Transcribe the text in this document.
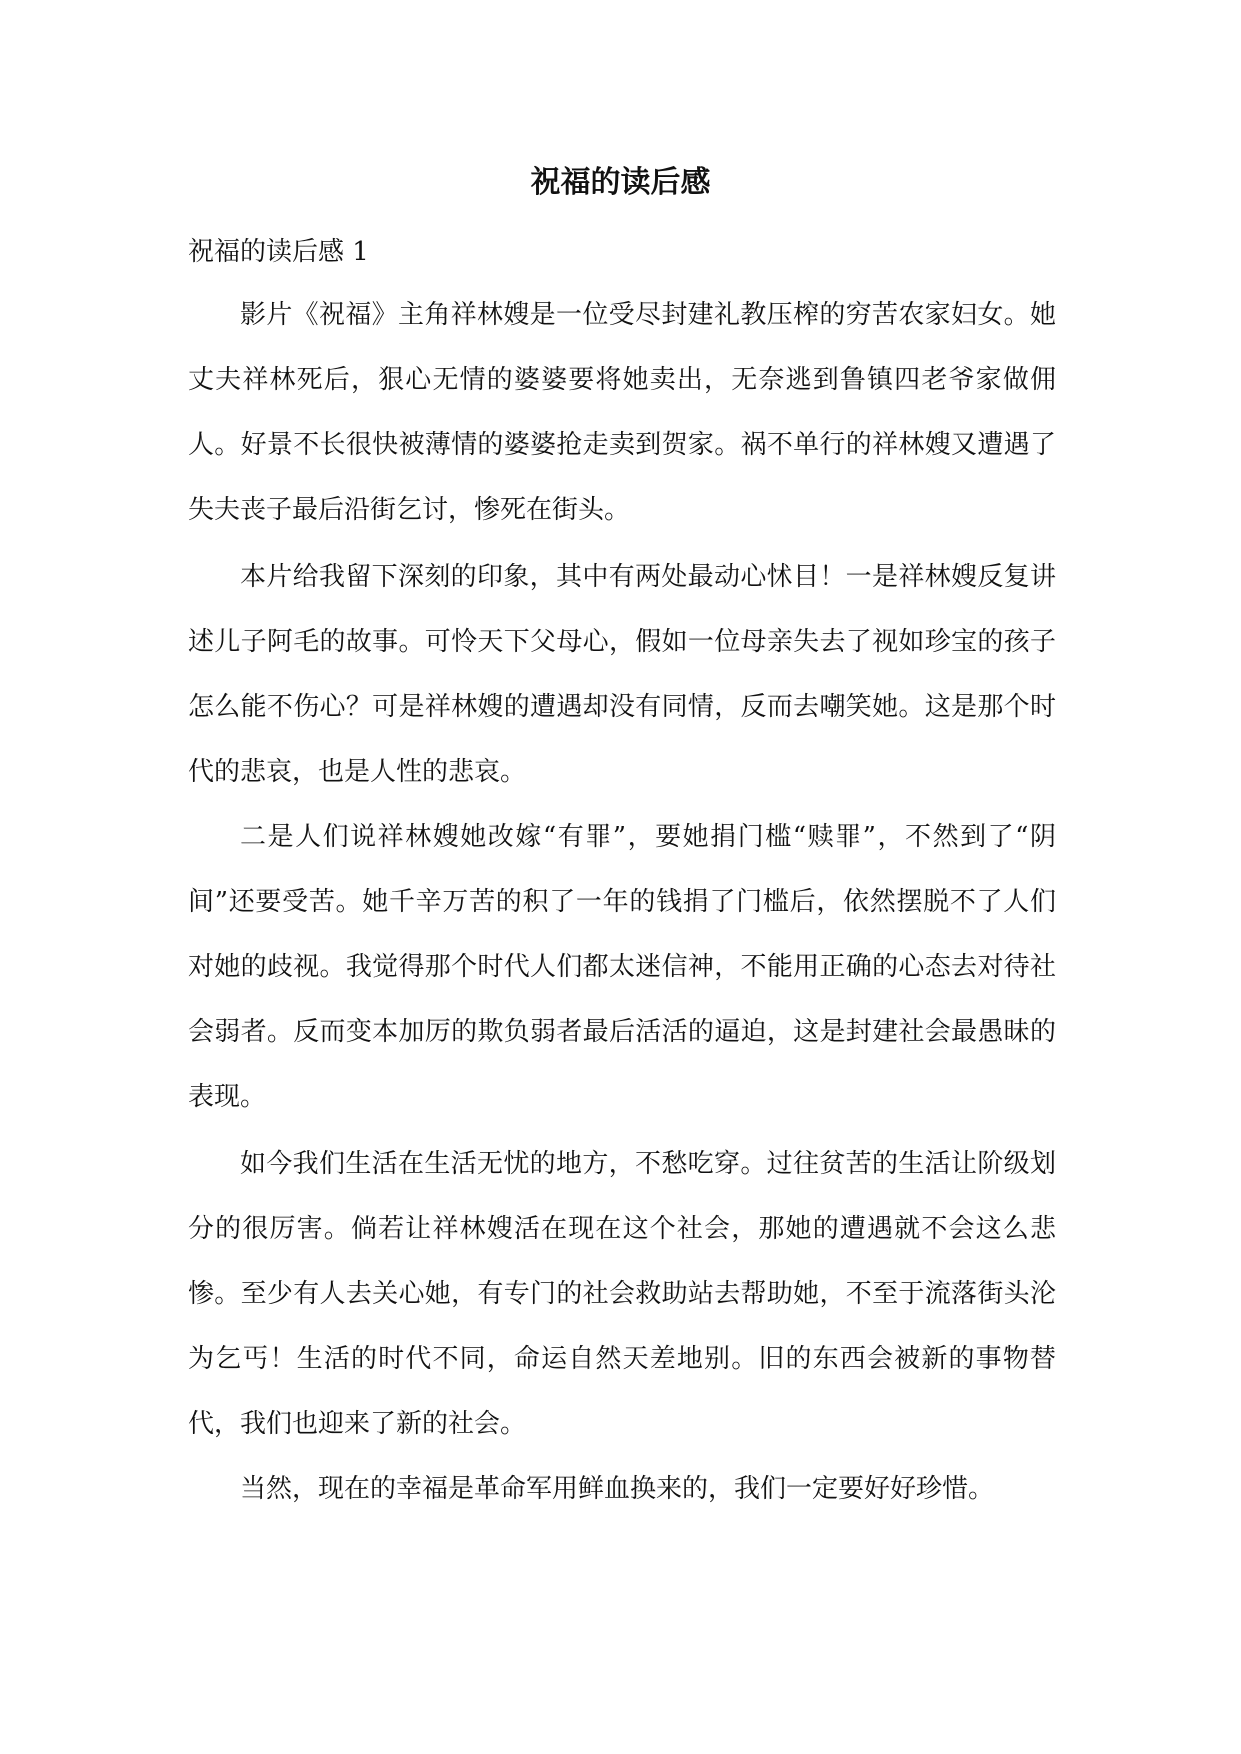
祝福的读后感

祝福的读后感 1

影片《祝福》主角祥林嫂是一位受尽封建礼教压榨的穷苦农家妇女。她丈夫祥林死后，狠心无情的婆婆要将她卖出，无奈逃到鲁镇四老爷家做佣人。好景不长很快被薄情的婆婆抢走卖到贺家。祸不单行的祥林嫂又遭遇了失夫丧子最后沿街乞讨，惨死在街头。

本片给我留下深刻的印象，其中有两处最动心怵目！一是祥林嫂反复讲述儿子阿毛的故事。可怜天下父母心，假如一位母亲失去了视如珍宝的孩子怎么能不伤心？可是祥林嫂的遭遇却没有同情，反而去嘲笑她。这是那个时代的悲哀，也是人性的悲哀。

二是人们说祥林嫂她改嫁“有罪”，要她捐门槛“赎罪”，不然到了“阴间”还要受苦。她千辛万苦的积了一年的钱捐了门槛后，依然摆脱不了人们对她的歧视。我觉得那个时代人们都太迷信神，不能用正确的心态去对待社会弱者。反而变本加厉的欺负弱者最后活活的逼迫，这是封建社会最愚昧的表现。

如今我们生活在生活无忧的地方，不愁吃穿。过往贫苦的生活让阶级划分的很厉害。倘若让祥林嫂活在现在这个社会，那她的遭遇就不会这么悲惨。至少有人去关心她，有专门的社会救助站去帮助她，不至于流落街头沦为乞丐！生活的时代不同，命运自然天差地别。旧的东西会被新的事物替代，我们也迎来了新的社会。

当然，现在的幸福是革命军用鲜血换来的，我们一定要好好珍惜。
